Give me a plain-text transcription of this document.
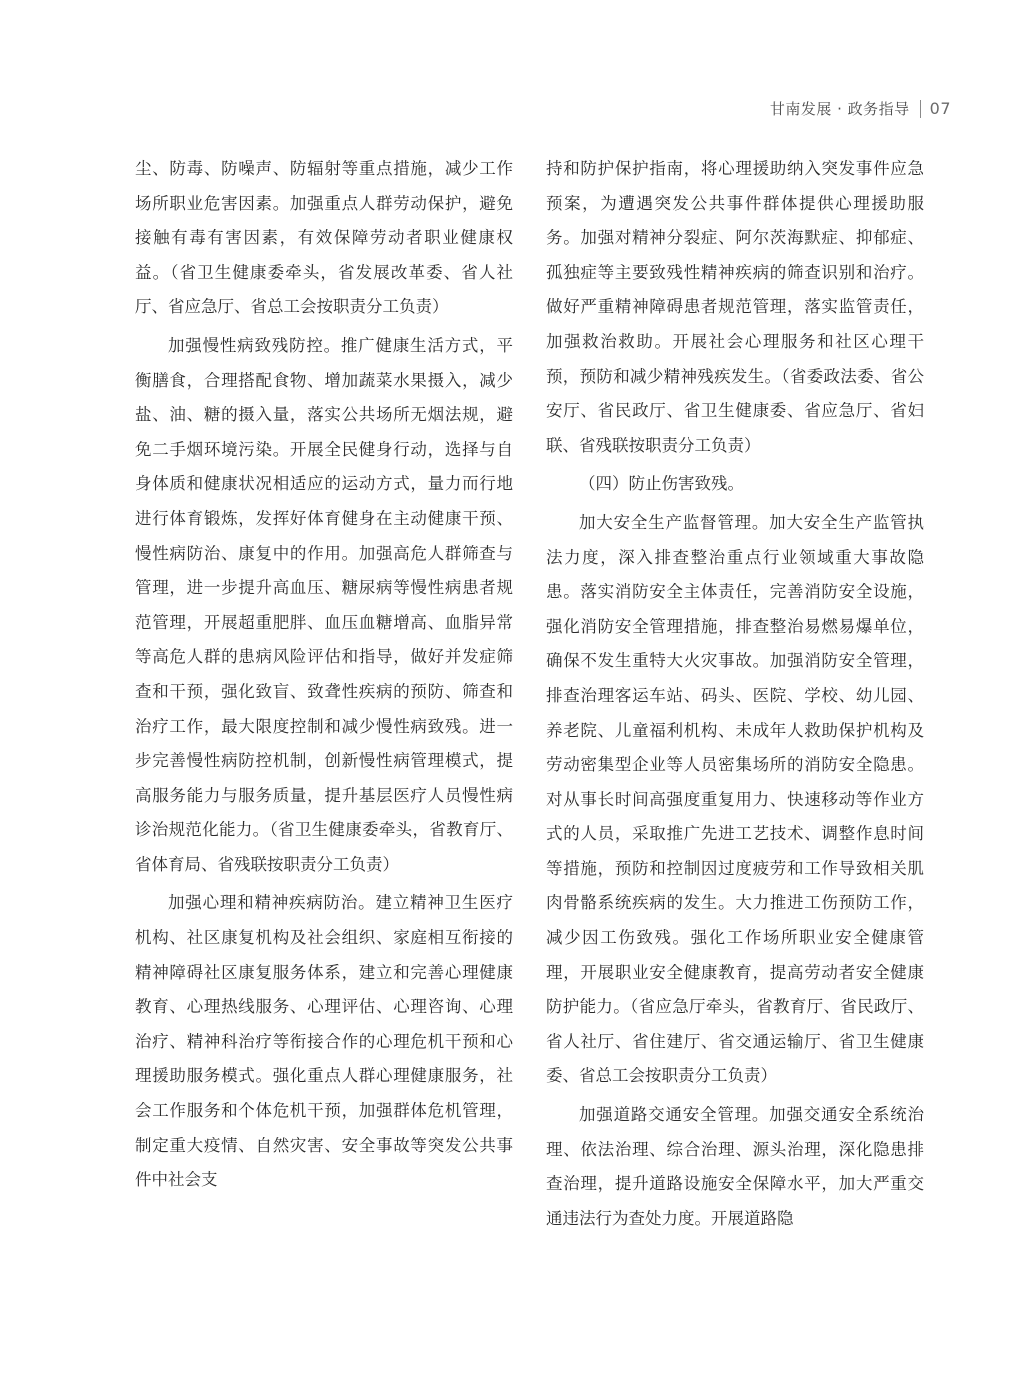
甘南发展 · 政务指导 07

尘、防毒、防噪声、防辐射等重点措施，减少工作场所职业危害因素。加强重点人群劳动保护，避免接触有毒有害因素，有效保障劳动者职业健康权益。（省卫生健康委牵头，省发展改革委、省人社厅、省应急厅、省总工会按职责分工负责）

加强慢性病致残防控。推广健康生活方式，平衡膳食，合理搭配食物、增加蔬菜水果摄入，减少盐、油、糖的摄入量，落实公共场所无烟法规，避免二手烟环境污染。开展全民健身行动，选择与自身体质和健康状况相适应的运动方式，量力而行地进行体育锻炼，发挥好体育健身在主动健康干预、慢性病防治、康复中的作用。加强高危人群筛查与管理，进一步提升高血压、糖尿病等慢性病患者规范管理，开展超重肥胖、血压血糖增高、血脂异常等高危人群的患病风险评估和指导，做好并发症筛查和干预，强化致盲、致聋性疾病的预防、筛查和治疗工作，最大限度控制和减少慢性病致残。进一步完善慢性病防控机制，创新慢性病管理模式，提高服务能力与服务质量，提升基层医疗人员慢性病诊治规范化能力。（省卫生健康委牵头，省教育厅、省体育局、省残联按职责分工负责）

加强心理和精神疾病防治。建立精神卫生医疗机构、社区康复机构及社会组织、家庭相互衔接的精神障碍社区康复服务体系，建立和完善心理健康教育、心理热线服务、心理评估、心理咨询、心理治疗、精神科治疗等衔接合作的心理危机干预和心理援助服务模式。强化重点人群心理健康服务，社会工作服务和个体危机干预，加强群体危机管理，制定重大疫情、自然灾害、安全事故等突发公共事件中社会支

持和防护保护指南，将心理援助纳入突发事件应急预案，为遭遇突发公共事件群体提供心理援助服务。加强对精神分裂症、阿尔茨海默症、抑郁症、孤独症等主要致残性精神疾病的筛查识别和治疗。做好严重精神障碍患者规范管理，落实监管责任，加强救治救助。开展社会心理服务和社区心理干预，预防和减少精神残疾发生。（省委政法委、省公安厅、省民政厅、省卫生健康委、省应急厅、省妇联、省残联按职责分工负责）

（四）防止伤害致残。

加大安全生产监督管理。加大安全生产监管执法力度，深入排查整治重点行业领域重大事故隐患。落实消防安全主体责任，完善消防安全设施，强化消防安全管理措施，排查整治易燃易爆单位，确保不发生重特大火灾事故。加强消防安全管理，排查治理客运车站、码头、医院、学校、幼儿园、养老院、儿童福利机构、未成年人救助保护机构及劳动密集型企业等人员密集场所的消防安全隐患。对从事长时间高强度重复用力、快速移动等作业方式的人员，采取推广先进工艺技术、调整作息时间等措施，预防和控制因过度疲劳和工作导致相关肌肉骨骼系统疾病的发生。大力推进工伤预防工作，减少因工伤致残。强化工作场所职业安全健康管理，开展职业安全健康教育，提高劳动者安全健康防护能力。（省应急厅牵头，省教育厅、省民政厅、省人社厅、省住建厅、省交通运输厅、省卫生健康委、省总工会按职责分工负责）

加强道路交通安全管理。加强交通安全系统治理、依法治理、综合治理、源头治理，深化隐患排查治理，提升道路设施安全保障水平，加大严重交通违法行为查处力度。开展道路隐
